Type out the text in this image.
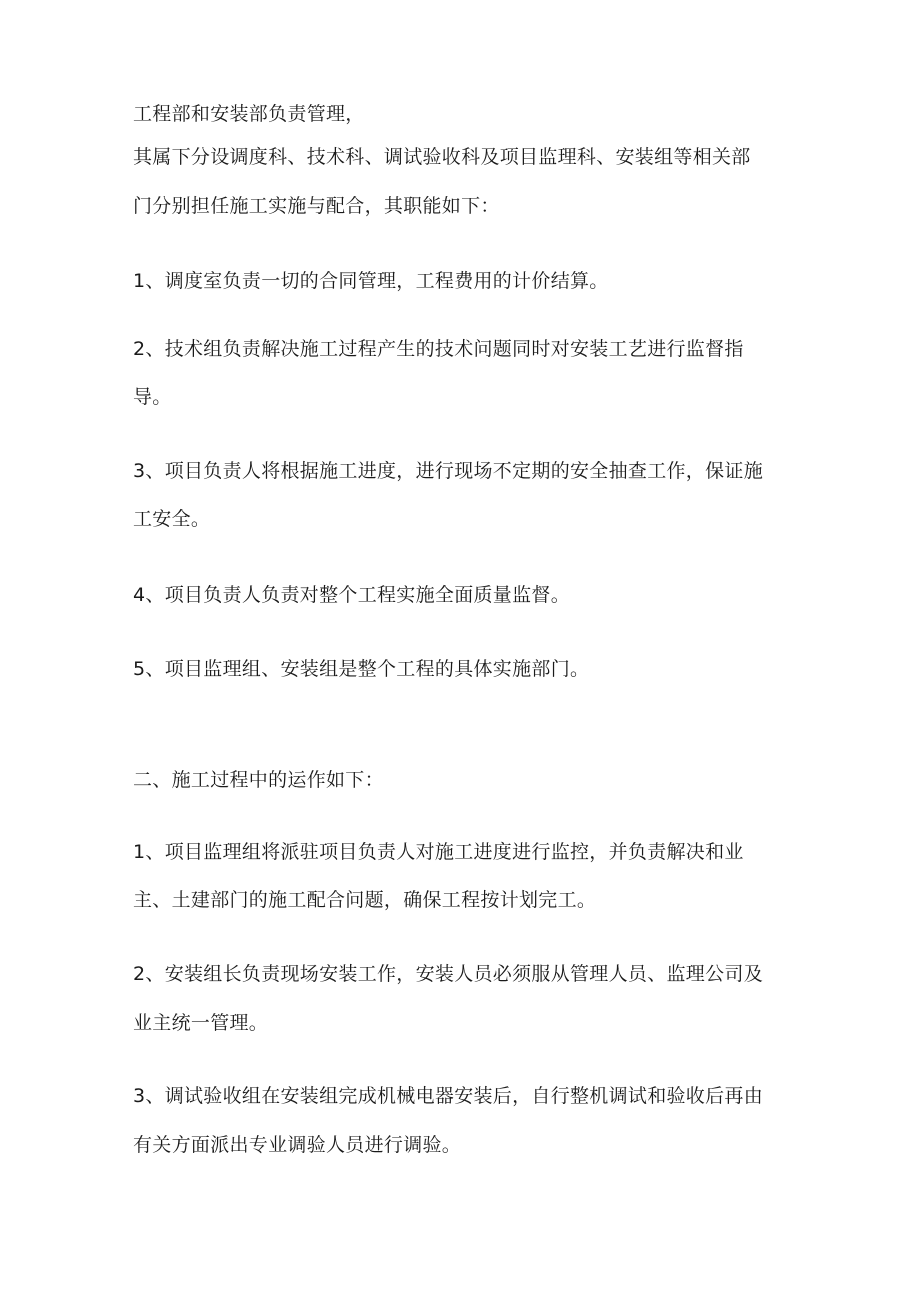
工程部和安装部负责管理，
其属下分设调度科、技术科、调试验收科及项目监理科、安装组等相关部
门分别担任施工实施与配合，其职能如下：
1、调度室负责一切的合同管理，工程费用的计价结算。
2、技术组负责解决施工过程产生的技术问题同时对安装工艺进行监督指
导。
3、项目负责人将根据施工进度，进行现场不定期的安全抽查工作，保证施
工安全。
4、项目负责人负责对整个工程实施全面质量监督。
5、项目监理组、安装组是整个工程的具体实施部门。
二、施工过程中的运作如下：
1、项目监理组将派驻项目负责人对施工进度进行监控，并负责解决和业
主、土建部门的施工配合问题，确保工程按计划完工。
2、安装组长负责现场安装工作，安装人员必须服从管理人员、监理公司及
业主统一管理。
3、调试验收组在安装组完成机械电器安装后，自行整机调试和验收后再由
有关方面派出专业调验人员进行调验。
